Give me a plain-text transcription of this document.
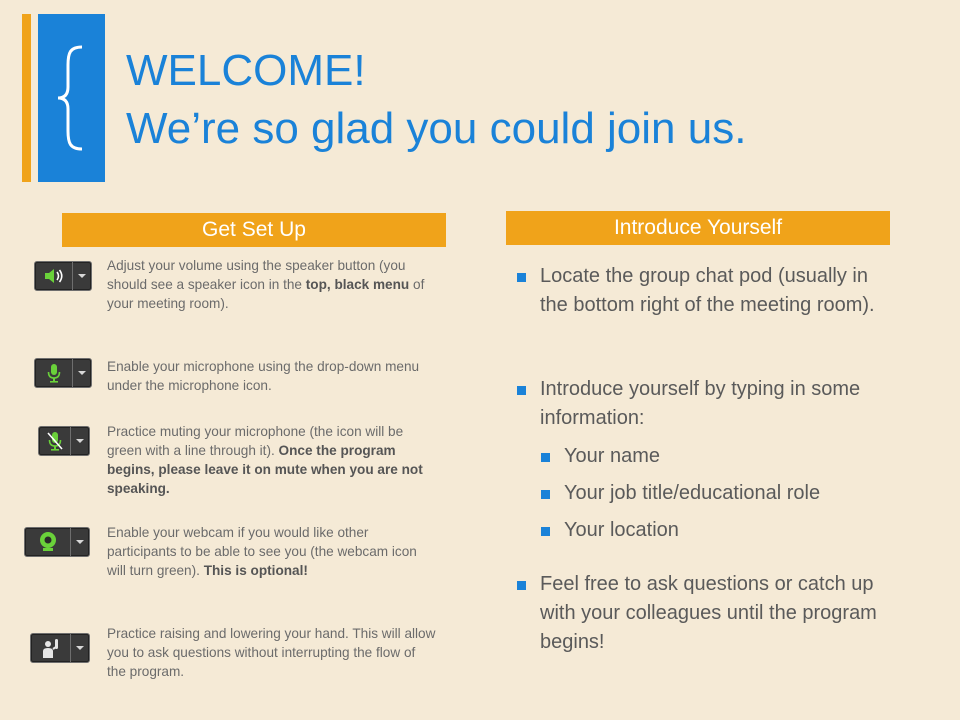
WELCOME!
We’re so glad you could join us.
Get Set Up	Introduce Yourself
Adjust your volume using the speaker button (you should see a speaker icon in the top, black menu of your meeting room).
Enable your microphone using the drop-down menu under the microphone icon.
Practice muting your microphone (the icon will be green with a line through it). Once the program begins, please leave it on mute when you are not speaking.
Enable your webcam if you would like other participants to be able to see you (the webcam icon will turn green). This is optional!
Practice raising and lowering your hand. This will allow you to ask questions without interrupting the flow of the program.
Locate the group chat pod (usually in the bottom right of the meeting room).
Introduce yourself by typing in some information:
Your name
Your job title/educational role
Your location
Feel free to ask questions or catch up with your colleagues until the program begins!
